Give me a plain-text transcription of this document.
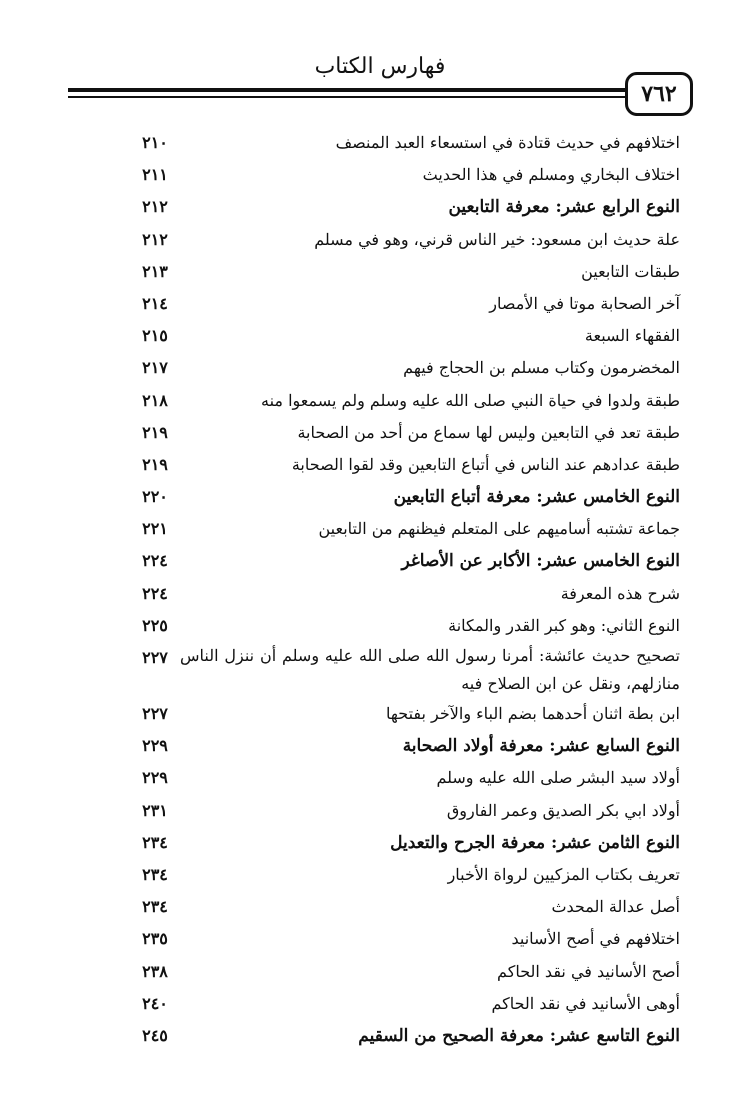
فهارس الكتاب
٧٦٢
اختلافهم في حديث قتادة في استسعاء العبد المنصف
٢١٠
اختلاف البخاري ومسلم في هذا الحديث
٢١١
النوع الرابع عشر: معرفة التابعين
٢١٢
علة حديث ابن مسعود: خير الناس قرني، وهو في مسلم
٢١٢
طبقات التابعين
٢١٣
آخر الصحابة موتا في الأمصار
٢١٤
الفقهاء السبعة
٢١٥
المخضرمون وكتاب مسلم بن الحجاج فيهم
٢١٧
طبقة ولدوا في حياة النبي صلى الله عليه وسلم ولم يسمعوا منه
٢١٨
طبقة تعد في التابعين وليس لها سماع من أحد من الصحابة
٢١٩
طبقة عدادهم عند الناس في أتباع التابعين وقد لقوا الصحابة
٢١٩
النوع الخامس عشر: معرفة أتباع التابعين
٢٢٠
جماعة تشتبه أساميهم على المتعلم فيظنهم من التابعين
٢٢١
النوع الخامس عشر: الأكابر عن الأصاغر
٢٢٤
شرح هذه المعرفة
٢٢٤
النوع الثاني: وهو كبر القدر والمكانة
٢٢٥
تصحيح حديث عائشة: أمرنا رسول الله صلى الله عليه وسلم أن ننزل الناس منازلهم، ونقل عن ابن الصلاح فيه
٢٢٧
ابن بطة اثنان أحدهما بضم الباء والآخر بفتحها
٢٢٧
النوع السابع عشر: معرفة أولاد الصحابة
٢٢٩
أولاد سيد البشر صلى الله عليه وسلم
٢٢٩
أولاد ابي بكر الصديق وعمر الفاروق
٢٣١
النوع الثامن عشر: معرفة الجرح والتعديل
٢٣٤
تعريف بكتاب المزكيين لرواة الأخبار
٢٣٤
أصل عدالة المحدث
٢٣٤
اختلافهم في أصح الأسانيد
٢٣٥
أصح الأسانيد في نقد الحاكم
٢٣٨
أوهى الأسانيد في نقد الحاكم
٢٤٠
النوع التاسع عشر: معرفة الصحيح من السقيم
٢٤٥
